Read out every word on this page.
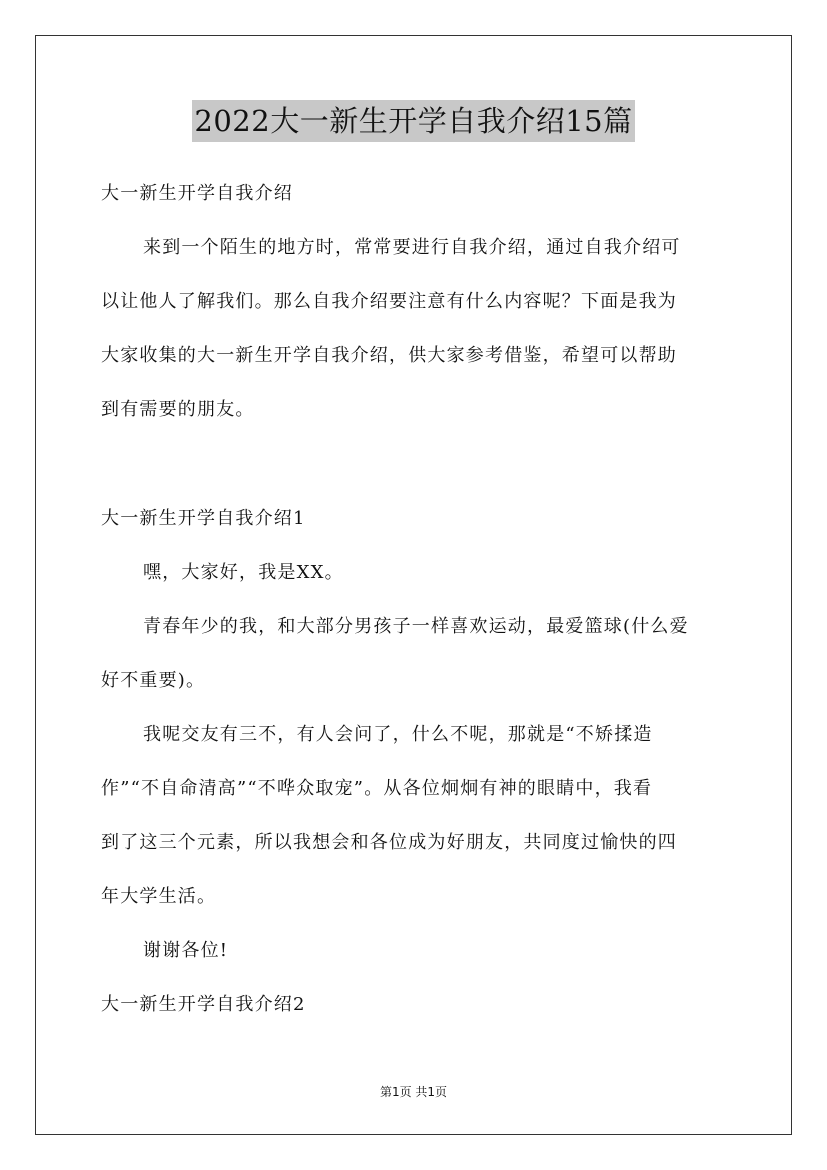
2022大一新生开学自我介绍15篇
大一新生开学自我介绍
来到一个陌生的地方时，常常要进行自我介绍，通过自我介绍可
以让他人了解我们。那么自我介绍要注意有什么内容呢？下面是我为
大家收集的大一新生开学自我介绍，供大家参考借鉴，希望可以帮助
到有需要的朋友。
大一新生开学自我介绍1
嘿，大家好，我是XX。
青春年少的我，和大部分男孩子一样喜欢运动，最爱篮球(什么爱
好不重要)。
我呢交友有三不，有人会问了，什么不呢，那就是“不矫揉造
作”“不自命清高”“不哗众取宠”。从各位炯炯有神的眼睛中，我看
到了这三个元素，所以我想会和各位成为好朋友，共同度过愉快的四
年大学生活。
谢谢各位!
大一新生开学自我介绍2
第1页 共1页
